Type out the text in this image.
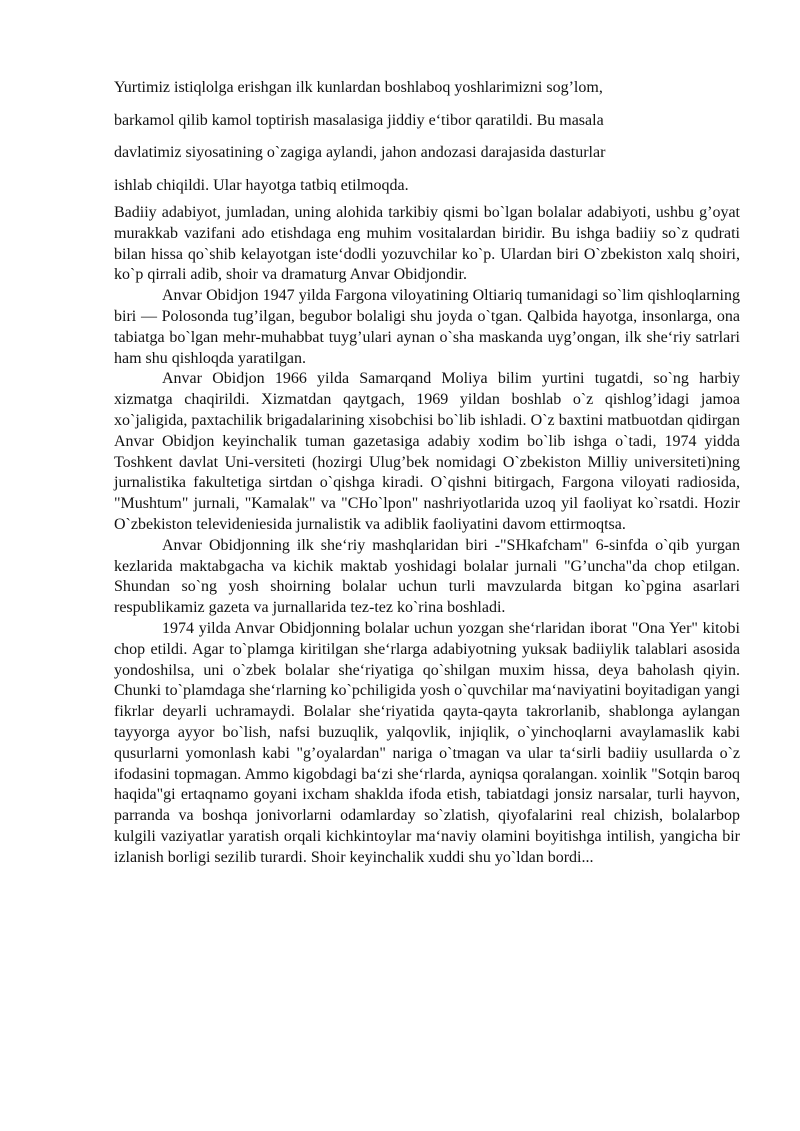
Yurtimiz istiqlolga erishgan ilk kunlardan boshlaboq yoshlarimizni sog’lom,
barkamol qilib kamol toptirish masalasiga jiddiy e‘tibor qaratildi. Bu masala
davlatimiz siyosatining o`zagiga aylandi, jahon andozasi darajasida dasturlar
ishlab chiqildi. Ular hayotga tatbiq etilmoqda.

Badiiy adabiyot, jumladan, uning alohida tarkibiy qismi bo`lgan bolalar adabiyoti, ushbu g’oyat murakkab vazifani ado etishdaga eng muhim vositalardan biridir. Bu ishga badiiy so`z qudrati bilan hissa qo`shib kelayotgan iste‘dodli yozuvchilar ko`p. Ulardan biri O`zbekiston xalq shoiri, ko`p qirrali adib, shoir va dramaturg Anvar Obidjondir.

Anvar Obidjon 1947 yilda Fargona viloyatining Oltiariq tumanidagi so`lim qishloqlarning biri — Polosonda tug’ilgan, begubor bolaligi shu joyda o`tgan. Qalbida hayotga, insonlarga, ona tabiatga bo`lgan mehr-muhabbat tuyg’ulari aynan o`sha maskanda uyg’ongan, ilk she‘riy satrlari ham shu qishloqda yaratilgan.

Anvar Obidjon 1966 yilda Samarqand Moliya bilim yurtini tugatdi, so`ng harbiy xizmatga chaqirildi. Xizmatdan qaytgach, 1969 yildan boshlab o`z qishlog’idagi jamoa xo`jaligida, paxtachilik brigadalarining xisobchisi bo`lib ishladi. O`z baxtini matbuotdan qidirgan Anvar Obidjon keyinchalik tuman gazetasiga adabiy xodim bo`lib ishga o`tadi, 1974 yidda Toshkent davlat Uni-versiteti (hozirgi Ulug’bek nomidagi O`zbekiston Milliy universiteti)ning jurnalistika fakultetiga sirtdan o`qishga kiradi. O`qishni bitirgach, Fargona viloyati radiosida, "Mushtum" jurnali, "Kamalak" va "CHo`lpon" nashriyotlarida uzoq yil faoliyat ko`rsatdi. Hozir O`zbekiston televideniesida jurnalistik va adiblik faoliyatini davom ettirmoqtsa.

Anvar Obidjonning ilk she‘riy mashqlaridan biri -"SHkafcham" 6-sinfda o`qib yurgan kezlarida maktabgacha va kichik maktab yoshidagi bolalar jurnali "G’uncha"da chop etilgan. Shundan so`ng yosh shoirning bolalar uchun turli mavzularda bitgan ko`pgina asarlari respublikamiz gazeta va jurnallarida tez-tez ko`rina boshladi.

1974 yilda Anvar Obidjonning bolalar uchun yozgan she‘rlaridan iborat "Ona Yer" kitobi chop etildi. Agar to`plamga kiritilgan she‘rlarga adabiyotning yuksak badiiylik talablari asosida yondoshilsa, uni o`zbek bolalar she‘riyatiga qo`shilgan muxim hissa, deya baholash qiyin. Chunki to`plamdaga she‘rlarning ko`pchiligida yosh o`quvchilar ma‘naviyatini boyitadigan yangi fikrlar deyarli uchramaydi. Bolalar she‘riyatida qayta-qayta takrorlanib, shablonga aylangan tayyorga ayyor bo`lish, nafsi buzuqlik, yalqovlik, injiqlik, o`yinchoqlarni avaylamaslik kabi qusurlarni yomonlash kabi "g’oyalardan" nariga o`tmagan va ular ta‘sirli badiiy usullarda o`z ifodasini topmagan. Ammo kigobdagi ba‘zi she‘rlarda, ayniqsa qoralangan. xoinlik "Sotqin baroq haqida"gi ertaqnamo goyani ixcham shaklda ifoda etish, tabiatdagi jonsiz narsalar, turli hayvon, parranda va boshqa jonivorlarni odamlarday so`zlatish, qiyofalarini real chizish, bolalarbop kulgili vaziyatlar yaratish orqali kichkintoylar ma‘naviy olamini boyitishga intilish, yangicha bir izlanish borligi sezilib turardi. Shoir keyinchalik xuddi shu yo`ldan bordi...
